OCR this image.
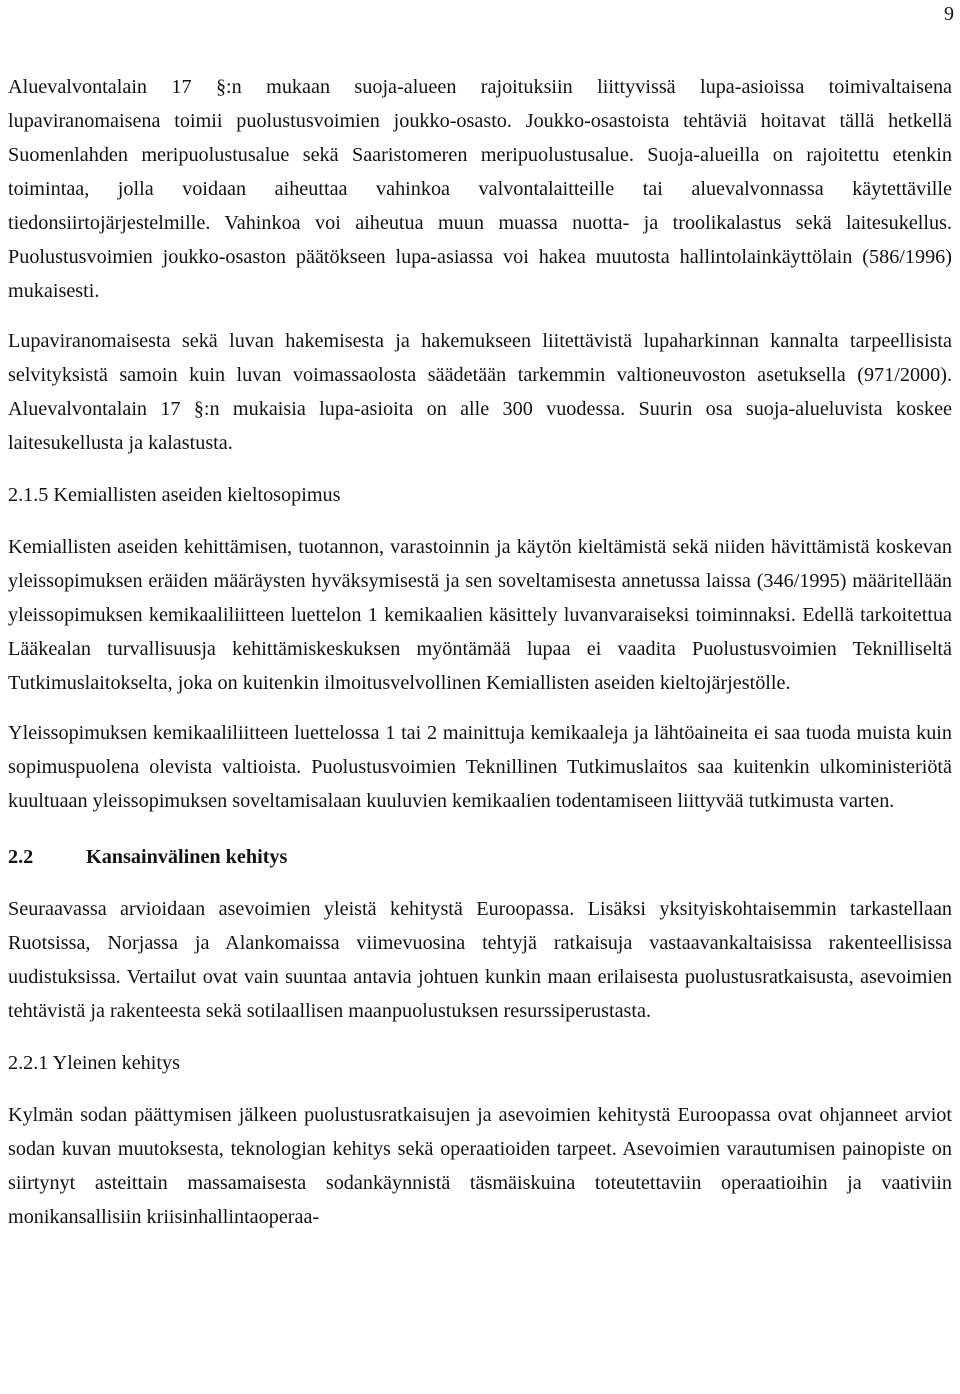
9

Aluevalvontalain 17 §:n mukaan suoja-alueen rajoituksiin liittyvissä lupa-asioissa toimivaltaisena lupaviranomaisena toimii puolustusvoimien joukko-osasto. Joukko-osastoista tehtäviä hoitavat tällä hetkellä Suomenlahden meripuolustusalue sekä Saaristomeren meripuolustusalue. Suoja-alueilla on rajoitettu etenkin toimintaa, jolla voidaan aiheuttaa vahinkoa valvontalaitteille tai aluevalvonnassa käytettäville tiedonsiirtojärjestelmille. Vahinkoa voi aiheutua muun muassa nuotta- ja troolikalastus sekä laitesukellus. Puolustusvoimien joukko-osaston päätökseen lupa-asiassa voi hakea muutosta hallintolainkäyttölain (586/1996) mukaisesti.

Lupaviranomaisesta sekä luvan hakemisesta ja hakemukseen liitettävistä lupaharkinnan kannalta tarpeellisista selvityksistä samoin kuin luvan voimassaolosta säädetään tarkemmin valtioneuvoston asetuksella (971/2000). Aluevalvontalain 17 §:n mukaisia lupa-asioita on alle 300 vuodessa. Suurin osa suoja-alueluvista koskee laitesukellusta ja kalastusta.

2.1.5 Kemiallisten aseiden kieltosopimus

Kemiallisten aseiden kehittämisen, tuotannon, varastoinnin ja käytön kieltämistä sekä niiden hävittämistä koskevan yleissopimuksen eräiden määräysten hyväksymisestä ja sen soveltamisesta annetussa laissa (346/1995) määritellään yleissopimuksen kemikaaliliitteen luettelon 1 kemikaalien käsittely luvanvaraiseksi toiminnaksi. Edellä tarkoitettua Lääkealan turvallisuusja kehittämiskeskuksen myöntämää lupaa ei vaadita Puolustusvoimien Teknilliseltä Tutkimuslaitokselta, joka on kuitenkin ilmoitusvelvollinen Kemiallisten aseiden kieltojärjestölle.

Yleissopimuksen kemikaaliliitteen luettelossa 1 tai 2 mainittuja kemikaaleja ja lähtöaineita ei saa tuoda muista kuin sopimuspuolena olevista valtioista. Puolustusvoimien Teknillinen Tutkimuslaitos saa kuitenkin ulkoministeriötä kuultuaan yleissopimuksen soveltamisalaan kuuluvien kemikaalien todentamiseen liittyvää tutkimusta varten.

2.2	Kansainvälinen kehitys

Seuraavassa arvioidaan asevoimien yleistä kehitystä Euroopassa. Lisäksi yksityiskohtaisemmin tarkastellaan Ruotsissa, Norjassa ja Alankomaissa viimevuosina tehtyjä ratkaisuja vastaavankaltaisissa rakenteellisissa uudistuksissa. Vertailut ovat vain suuntaa antavia johtuen kunkin maan erilaisesta puolustusratkaisusta, asevoimien tehtävistä ja rakenteesta sekä sotilaallisen maanpuolustuksen resurssiperustasta.

2.2.1 Yleinen kehitys

Kylmän sodan päättymisen jälkeen puolustusratkaisujen ja asevoimien kehitystä Euroopassa ovat ohjanneet arviot sodan kuvan muutoksesta, teknologian kehitys sekä operaatioiden tarpeet. Asevoimien varautumisen painopiste on siirtynyt asteittain massamaisesta sodankäynnistä täsmäiskuina toteutettaviin operaatioihin ja vaativiin monikansallisiin kriisinhallintaoperaa-
